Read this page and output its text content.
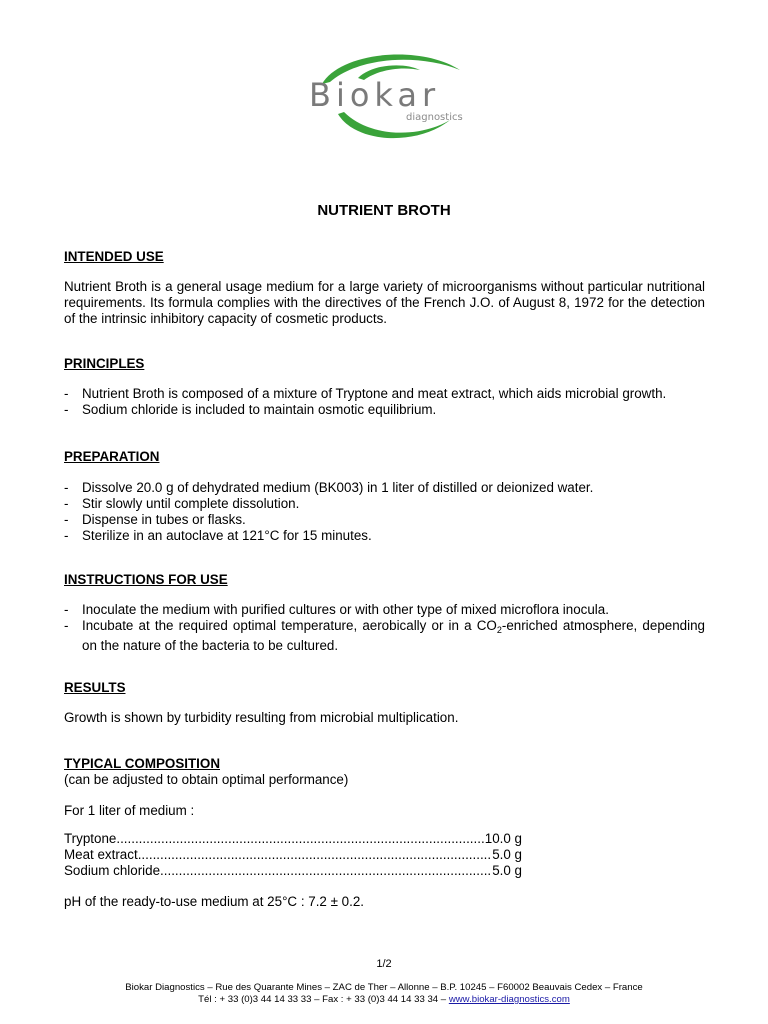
Biokar
diagnostics
NUTRIENT BROTH
INTENDED USE
Nutrient Broth is a general usage medium for a large variety of microorganisms without particular nutritional requirements. Its formula complies with the directives of the French J.O. of August 8, 1972 for the detection of the intrinsic inhibitory capacity of cosmetic products.
PRINCIPLES
-	Nutrient Broth is composed of a mixture of Tryptone and meat extract, which aids microbial growth.
-	Sodium chloride is included to maintain osmotic equilibrium.
PREPARATION
-	Dissolve 20.0 g of dehydrated medium (BK003) in 1 liter of distilled or deionized water.
-	Stir slowly until complete dissolution.
-	Dispense in tubes or flasks.
-	Sterilize in an autoclave at 121°C for 15 minutes.
INSTRUCTIONS FOR USE
-	Inoculate the medium with purified cultures or with other type of mixed microflora inocula.
-	Incubate at the required optimal temperature, aerobically or in a $CO_2$-enriched atmosphere, depending on the nature of the bacteria to be cultured.
RESULTS
Growth is shown by turbidity resulting from microbial multiplication.
TYPICAL COMPOSITION
(can be adjusted to obtain optimal performance)
For 1 liter of medium :
Tryptone .....	10.0 g
Meat extract .....	5.0 g
Sodium chloride .....	5.0 g
pH of the ready-to-use medium at 25°C : 7.2 ± 0.2.
1/2
Biokar Diagnostics – Rue des Quarante Mines – ZAC de Ther – Allonne – B.P. 10245 – F60002 Beauvais Cedex – France
Tél : + 33 (0)3 44 14 33 33 – Fax : + 33 (0)3 44 14 33 34 – www.biokar-diagnostics.com
